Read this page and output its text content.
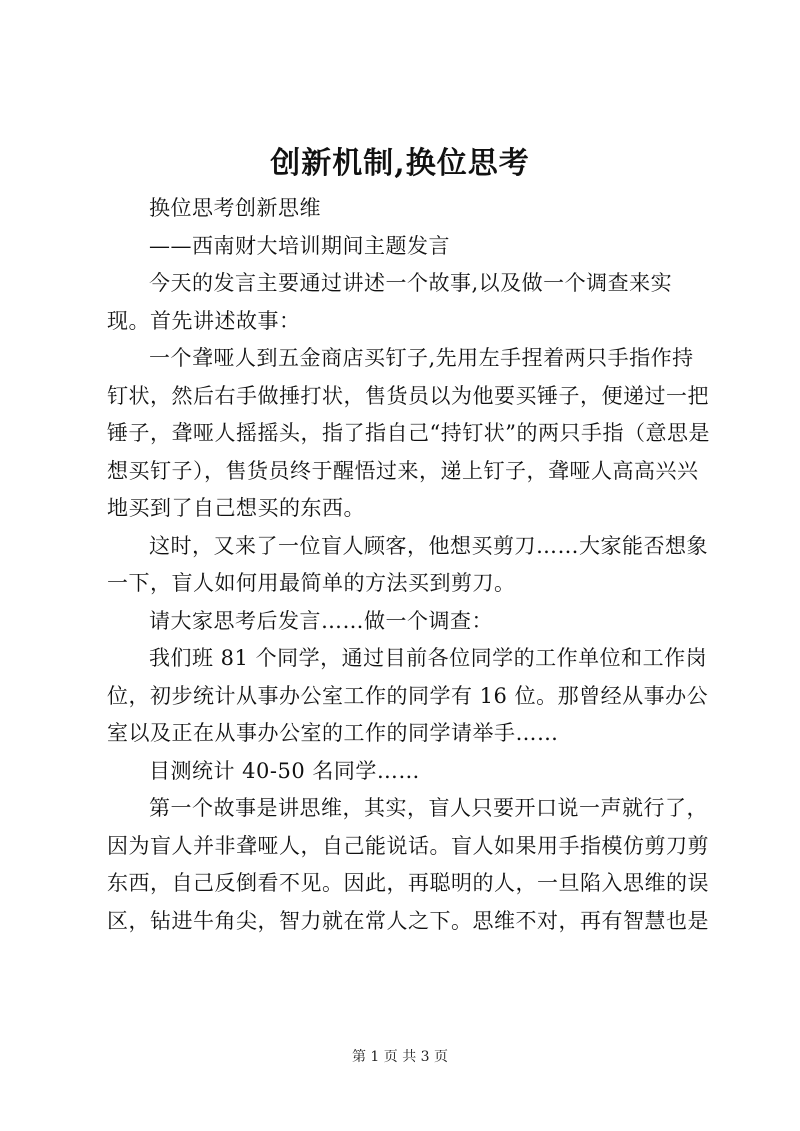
创新机制,换位思考

换位思考创新思维

——西南财大培训期间主题发言

今天的发言主要通过讲述一个故事,以及做一个调查来实现。首先讲述故事：

一个聋哑人到五金商店买钉子,先用左手捏着两只手指作持钉状，然后右手做捶打状，售货员以为他要买锤子，便递过一把锤子，聋哑人摇摇头，指了指自己“持钉状”的两只手指（意思是想买钉子），售货员终于醒悟过来，递上钉子，聋哑人高高兴兴地买到了自己想买的东西。

这时，又来了一位盲人顾客，他想买剪刀……大家能否想象一下，盲人如何用最简单的方法买到剪刀。

请大家思考后发言……做一个调查：

我们班 81 个同学，通过目前各位同学的工作单位和工作岗位，初步统计从事办公室工作的同学有 16 位。那曾经从事办公室以及正在从事办公室的工作的同学请举手……

目测统计 40-50 名同学……

第一个故事是讲思维，其实，盲人只要开口说一声就行了，因为盲人并非聋哑人，自己能说话。盲人如果用手指模仿剪刀剪东西，自己反倒看不见。因此，再聪明的人，一旦陷入思维的误区，钻进牛角尖，智力就在常人之下。思维不对，再有智慧也是

第 1 页 共 3 页
